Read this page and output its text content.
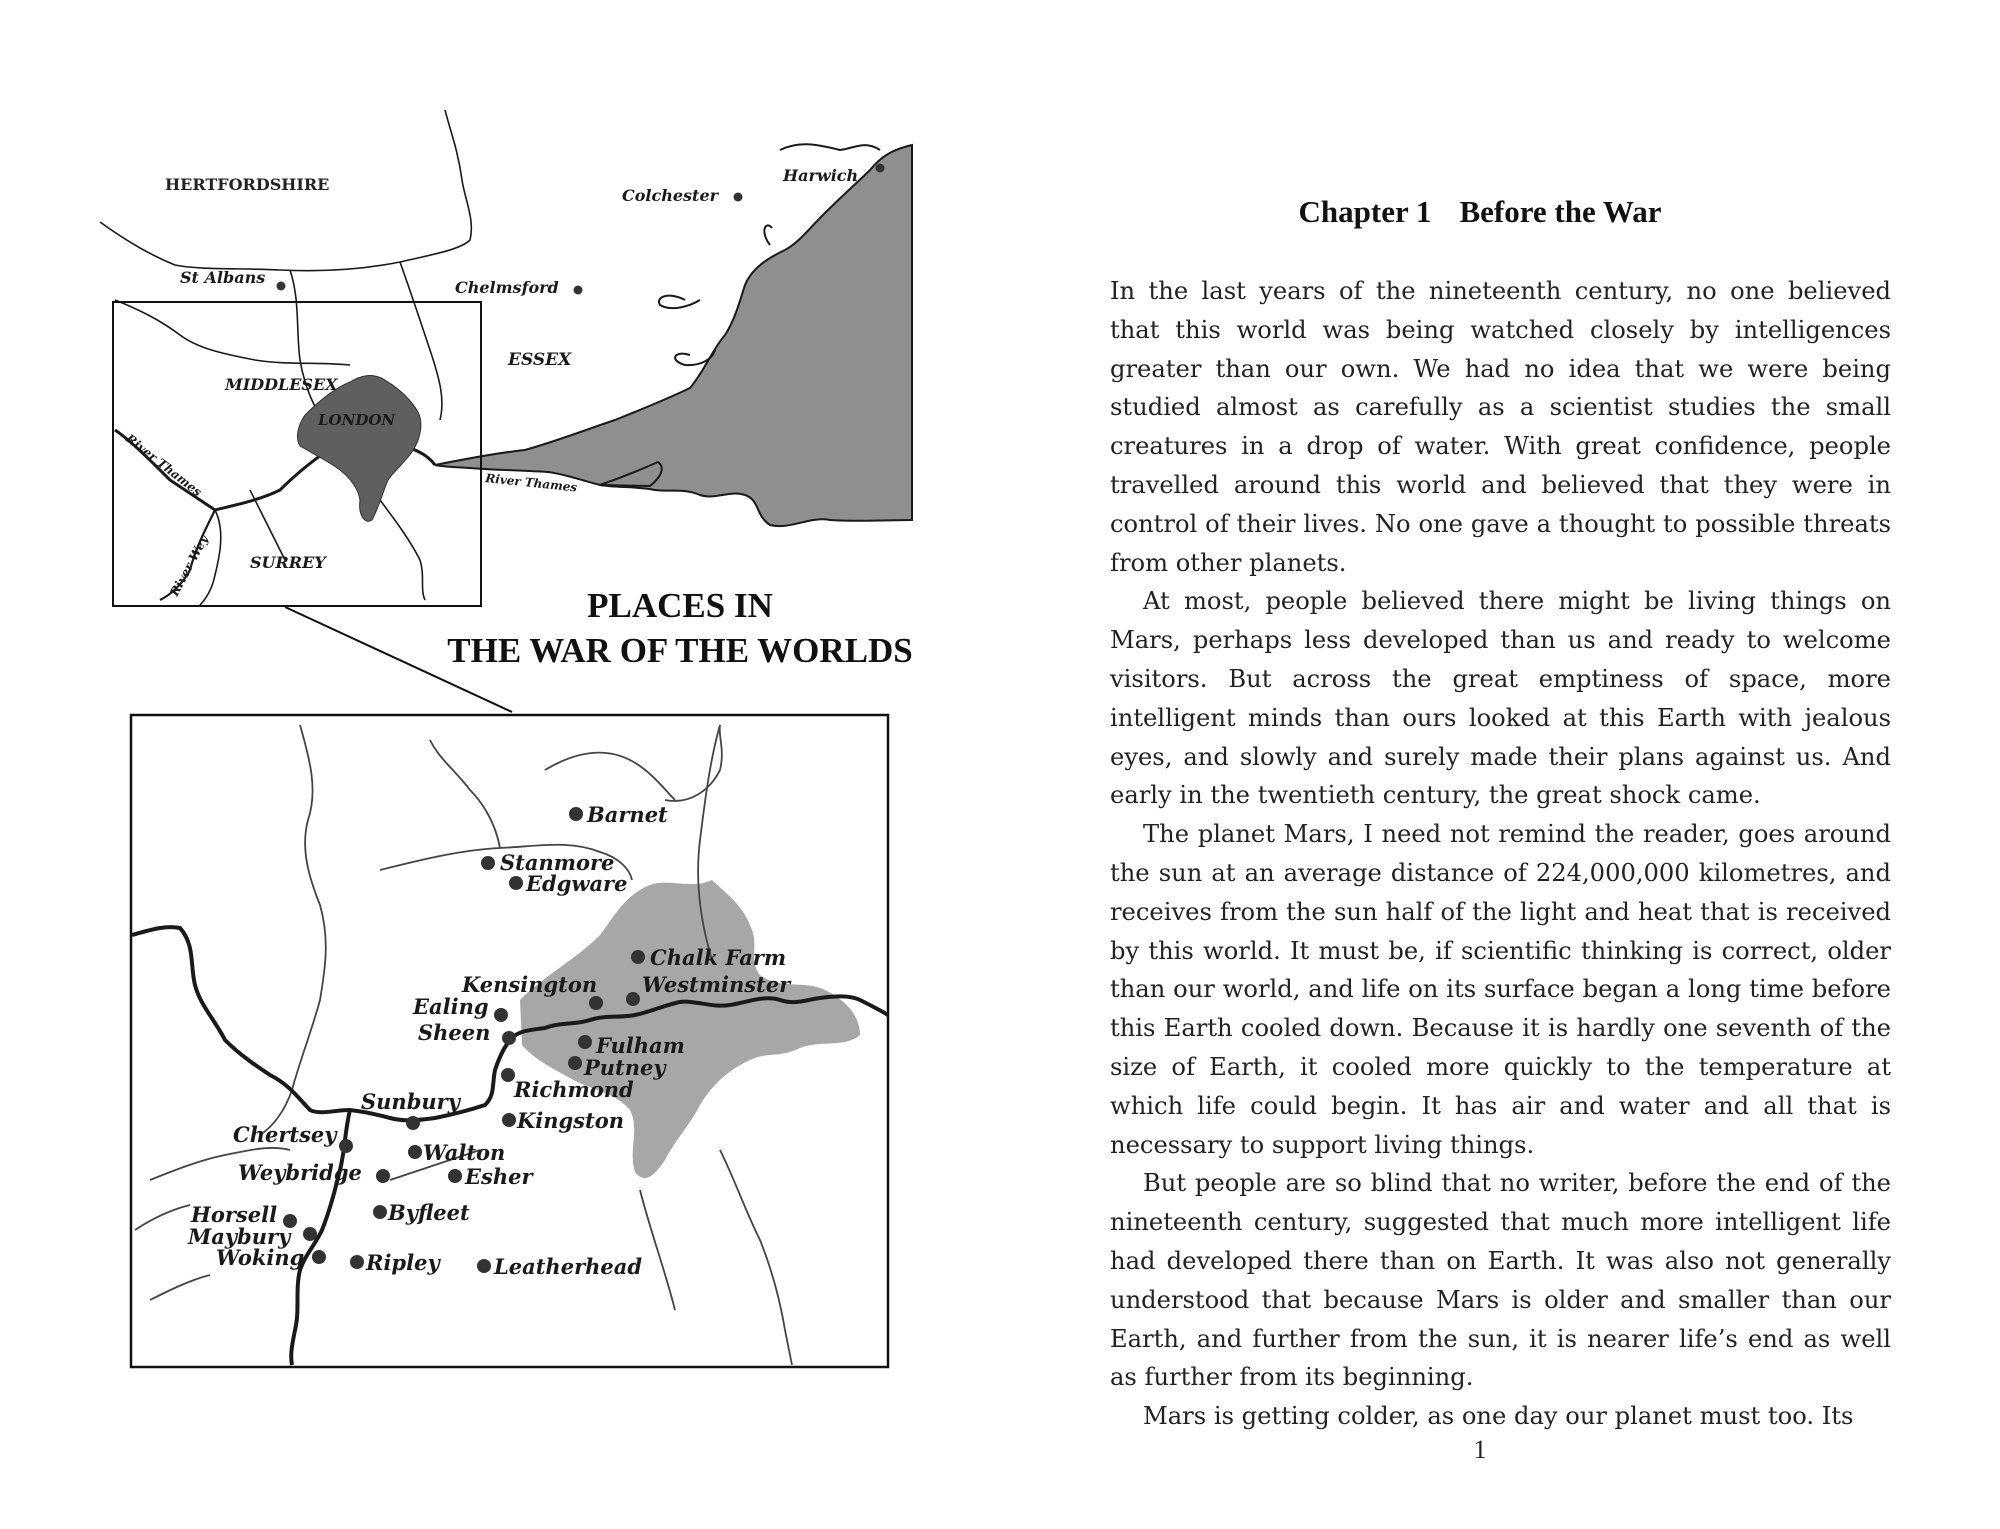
HERTFORDSHIRE
MIDDLESEX
LONDON
ESSEX
SURREY
St Albans
Chelmsford
Colchester
Harwich
River Thames	River Thames
River Wey
PLACES IN
THE WAR OF THE WORLDS
Barnet
Stanmore
Edgware
Chalk Farm
Kensington Westminster
Ealing
Sheen
Fulham
Putney
Richmond
Kingston
Sunbury
Chertsey
Walton
Weybridge	Esher
Byfleet
Horsell
Maybury
Woking	Ripley	Leatherhead
Chapter 1 Before the War

In the last years of the nineteenth century, no one believed that this world was being watched closely by intelligences greater than our own. We had no idea that we were being studied almost as carefully as a scientist studies the small creatures in a drop of water. With great confidence, people travelled around this world and believed that they were in control of their lives. No one gave a thought to possible threats from other planets.

At most, people believed there might be living things on Mars, perhaps less developed than us and ready to welcome visitors. But across the great emptiness of space, more intelligent minds than ours looked at this Earth with jealous eyes, and slowly and surely made their plans against us. And early in the twentieth century, the great shock came.

The planet Mars, I need not remind the reader, goes around the sun at an average distance of 224,000,000 kilometres, and receives from the sun half of the light and heat that is received by this world. It must be, if scientific thinking is correct, older than our world, and life on its surface began a long time before this Earth cooled down. Because it is hardly one seventh of the size of Earth, it cooled more quickly to the temperature at which life could begin. It has air and water and all that is necessary to support living things.

But people are so blind that no writer, before the end of the nineteenth century, suggested that much more intelligent life had developed there than on Earth. It was also not generally understood that because Mars is older and smaller than our Earth, and further from the sun, it is nearer life’s end as well as further from its beginning.

Mars is getting colder, as one day our planet must too. Its

1
